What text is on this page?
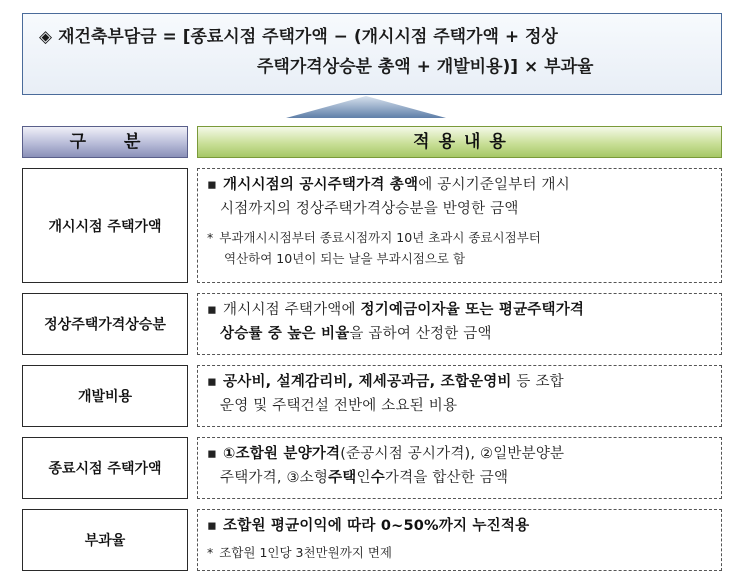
◈ 재건축부담금 = [종료시점 주택가액 − (개시시점 주택가액 + 정상
주택가격상승분 총액 + 개발비용)] × 부과율
구 분	적용내용
개시시점 주택가액
▪ 개시시점의 공시주택가격 총액에 공시기준일부터 개시
시점까지의 정상주택가격상승분을 반영한 금액
* 부과개시시점부터 종료시점까지 10년 초과시 종료시점부터
역산하여 10년이 되는 날을 부과시점으로 함
정상주택가격상승분
▪ 개시시점 주택가액에 정기예금이자율 또는 평균주택가격
상승률 중 높은 비율을 곱하여 산정한 금액
개발비용
▪ 공사비, 설계감리비, 제세공과금, 조합운영비 등 조합
운영 및 주택건설 전반에 소요된 비용
종료시점 주택가액
▪ ①조합원 분양가격(준공시점 공시가격), ②일반분양분
주택가격, ③소형주택인수가격을 합산한 금액
부과율
▪ 조합원 평균이익에 따라 0~50%까지 누진적용
* 조합원 1인당 3천만원까지 면제
